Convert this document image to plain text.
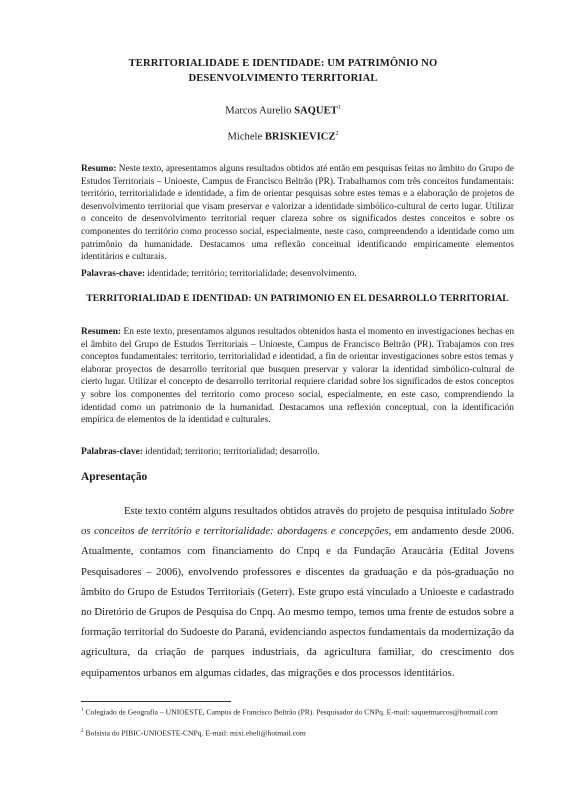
TERRITORIALIDADE E IDENTIDADE: UM PATRIMÔNIO NO
DESENVOLVIMENTO TERRITORIAL
Marcos Aurelio SAQUET$^1$
Michele BRISKIEVICZ$^2$
Resumo: Neste texto, apresentamos alguns resultados obtidos até então em pesquisas feitas no âmbito do Grupo de Estudos Territoriais – Unioeste, Campus de Francisco Beltrão (PR). Trabalhamos com três conceitos fundamentais: território, territorialidade e identidade, a fim de orientar pesquisas sobre estes temas e a elaboração de projetos de desenvolvimento territorial que visam preservar e valorizar a identidade simbólico-cultural de certo lugar. Utilizar o conceito de desenvolvimento territorial requer clareza sobre os significados destes conceitos e sobre os componentes do território como processo social, especialmente, neste caso, compreendendo a identidade como um patrimônio da humanidade. Destacamos uma reflexão conceitual identificando empiricamente elementos identitários e culturais.
Palavras-chave: identidade; território; territorialidade; desenvolvimento.
TERRITORIALIDAD E IDENTIDAD: UN PATRIMONIO EN EL DESARROLLO TERRITORIAL
Resumen: En este texto, presentamos algunos resultados obtenidos hasta el momento en investigaciones hechas en el âmbito del Grupo de Estudos Territoriais – Unioeste, Campus de Francisco Beltrão (PR). Trabajamos con tres conceptos fundamentales: territorio, territorialidad e identidad, a fin de orientar investigaciones sobre estos temas y elaborar proyectos de desarrollo territorial que busquen preservar y valorar la identidad simbólico-cultural de cierto lugar. Utilizar el concepto de desarrollo territorial requiere claridad sobre los significados de estos conceptos y sobre los componentes del territorio como proceso social, especialmente, en este caso, comprendiendo la identidad como un patrimonio de la humanidad. Destacamos una reflexión conceptual, con la identificación empírica de elementos de la identidad e culturales.
Palabras-clave: identidad; territorio; territorialidad; desarrollo.
Apresentação

Este texto contém alguns resultados obtidos através do projeto de pesquisa intitulado Sobre os conceitos de território e territorialidade: abordagens e concepções, em andamento desde 2006. Atualmente, contamos com financiamento do Cnpq e da Fundação Araucária (Edital Jovens Pesquisadores – 2006), envolvendo professores e discentes da graduação e da pós-graduação no âmbito do Grupo de Estudos Territoriais (Geterr). Este grupo está vinculado a Unioeste e cadastrado no Diretório de Grupos de Pesquisa do Cnpq. Ao mesmo tempo, temos uma frente de estudos sobre a formação territorial do Sudoeste do Paraná, evidenciando aspectos fundamentais da modernização da agricultura, da criação de parques industriais, da agricultura familiar, do crescimento dos equipamentos urbanos em algumas cidades, das migrações e dos processos identitários.

$^1$ Colegiado de Geografia – UNIOESTE, Campus de Francisco Beltrão (PR). Pesquisador do CNPq. E-mail: saquetmarcos@hotmail.com
$^2$ Bolsista do PIBIC-UNIOESTE-CNPq. E-mail: mixi.eheli@hotmail.com
